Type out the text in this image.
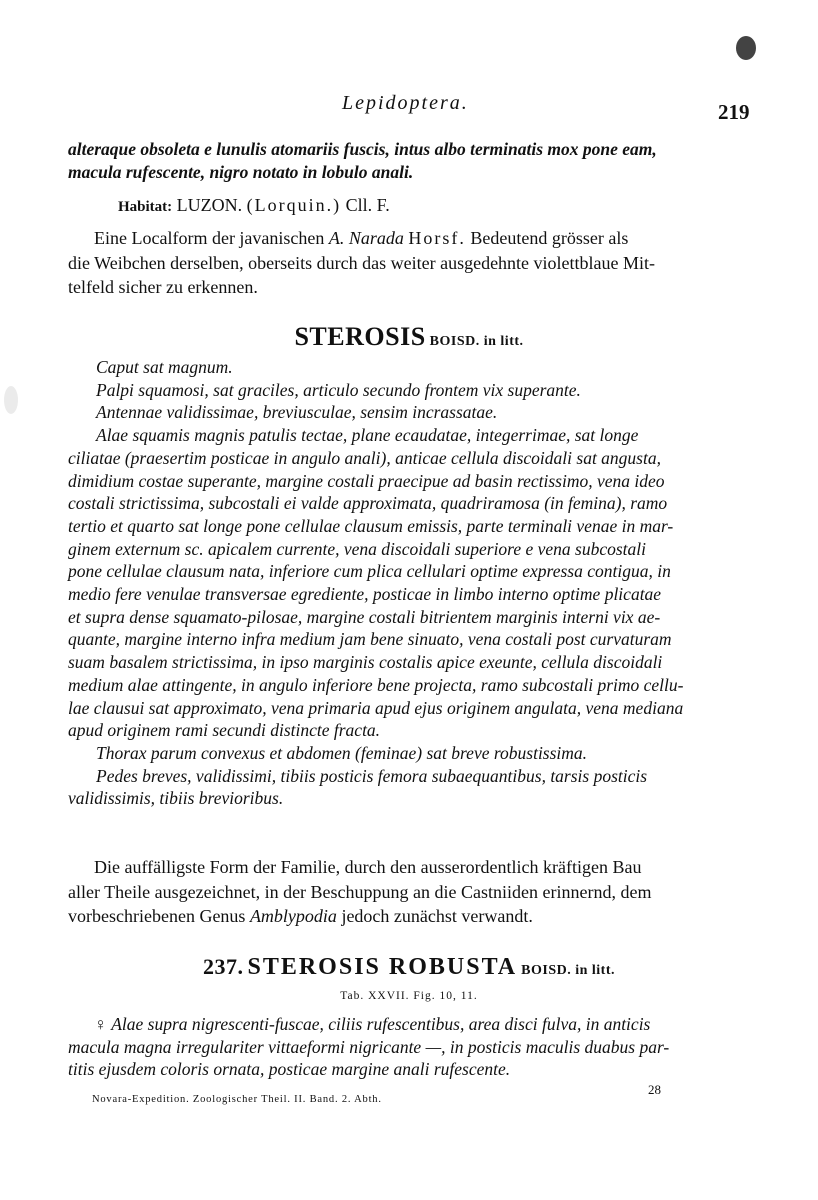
Lepidoptera.	219
alteraque obsoleta e lunulis atomariis fuscis, intus albo terminatis mox pone eam,
macula rufescente, nigro notato in lobulo anali.
Habitat: LUZON. (Lorquin.) Cll. F.
Eine Localform der javanischen A. Narada Horsf. Bedeutend grösser als
die Weibchen derselben, oberseits durch das weiter ausgedehnte violettblaue Mit-
telfeld sicher zu erkennen.
STEROSIS BOISD. in litt.
Caput sat magnum.
Palpi squamosi, sat graciles, articulo secundo frontem vix superante.
Antennae validissimae, breviusculae, sensim incrassatae.
Alae squamis magnis patulis tectae, plane ecaudatae, integerrimae, sat longe
ciliatae (praesertim posticae in angulo anali), anticae cellula discoidali sat angusta,
dimidium costae superante, margine costali praecipue ad basin rectissimo, vena ideo
costali strictissima, subcostali ei valde approximata, quadriramosa (in femina), ramo
tertio et quarto sat longe pone cellulae clausum emissis, parte terminali venae in mar-
ginem externum sc. apicalem currente, vena discoidali superiore e vena subcostali
pone cellulae clausum nata, inferiore cum plica cellulari optime expressa contigua, in
medio fere venulae transversae egrediente, posticae in limbo interno optime plicatae
et supra dense squamato-pilosae, margine costali bitrientem marginis interni vix ae-
quante, margine interno infra medium jam bene sinuato, vena costali post curvaturam
suam basalem strictissima, in ipso marginis costalis apice exeunte, cellula discoidali
medium alae attingente, in angulo inferiore bene projecta, ramo subcostali primo cellu-
lae clausui sat approximato, vena primaria apud ejus originem angulata, vena mediana
apud originem rami secundi distincte fracta.
Thorax parum convexus et abdomen (feminae) sat breve robustissima.
Pedes breves, validissimi, tibiis posticis femora subaequantibus, tarsis posticis
validissimis, tibiis brevioribus.
Die auffälligste Form der Familie, durch den ausserordentlich kräftigen Bau
aller Theile ausgezeichnet, in der Beschuppung an die Castniiden erinnernd, dem
vorbeschriebenen Genus Amblypodia jedoch zunächst verwandt.
237. STEROSIS ROBUSTA BOISD. in litt.
Tab. XXVII. Fig. 10, 11.
♀ Alae supra nigrescenti-fuscae, ciliis rufescentibus, area disci fulva, in anticis
macula magna irregulariter vittaeformi nigricante —, in posticis maculis duabus par-
titis ejusdem coloris ornata, posticae margine anali rufescente.
28
Novara-Expedition. Zoologischer Theil. II. Band. 2. Abth.
